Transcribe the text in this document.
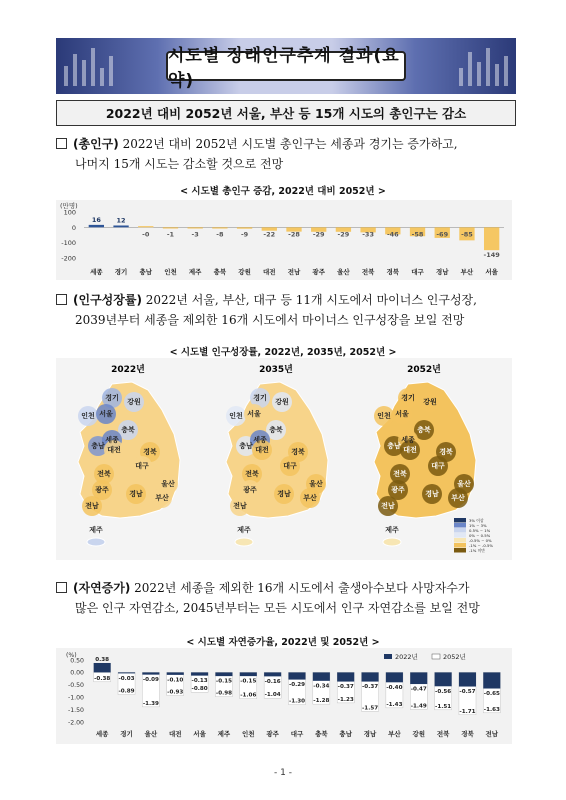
시도별 장래인구추계 결과(요약)
2022년 대비 2052년 서울, 부산 등 15개 시도의 총인구는 감소
(총인구) 2022년 대비 2052년 시도별 총인구는 세종과 경기는 증가하고,
나머지 15개 시도는 감소할 것으로 전망
< 시도별 총인구 증감, 2022년 대비 2052년 >
(만명)
100
0
-100
-200
16
세종
12
경기
-0
충남
-1
인천
-3
제주
-8
충북
-9
강원
-22
대전
-28
전남
-29
광주
-29
울산
-33
전북
-46
경북
-58
대구
-69
경남
-85
부산
-149
서울
(인구성장률) 2022년 서울, 부산, 대구 등 11개 시도에서 마이너스 인구성장,
2039년부터 세종을 제외한 16개 시도에서 마이너스 인구성장을 보일 전망
< 시도별 인구성장률, 2022년, 2035년, 2052년 >
2022년
경기 강원
인천 서울
충북
충남
세종
대전	경북
대구
전북
울산
광주	경남 부산
전남
제주
2035년
경기 강원
인천 서울
충북
충남
세종
대전	경북
대구
전북
울산
광주	경남 부산
전남
제주
2052년
경기 강원
인천 서울
충북
충남
세종
대전	경북
대구
전북
울산
광주	경남 부산
전남
제주
3% 이상
1% ~ 3%
0.5% ~ 1%
0% ~ 0.5%
-0.5% ~ 0%
-1% ~ -0.5%
-1% 미만
(자연증가) 2022년 세종을 제외한 16개 시도에서 출생아수보다 사망자수가
많은 인구 자연감소, 2045년부터는 모든 시도에서 인구 자연감소를 보일 전망
< 시도별 자연증가율, 2022년 및 2052년 >
(%)
0.50
0.00
-0.50
-1.00
-1.50
-2.00
2022년	2052년
0.38
-0.38
세종
-0.03
-0.89
경기
-0.09
-1.39
울산
-0.10
-0.93
대전
-0.13
-0.80
서울
-0.15
-0.98
제주
-0.15
-1.06
인천
-0.16
-1.04
광주
-0.29
-1.30
대구
-0.34
-1.28
충북
-0.37
-1.23
충남
-0.37
-1.57
경남
-0.40
-1.43
부산
-0.47
-1.49
강원
-0.56
-1.51
전북
-0.57
-1.71
경북
-0.65
-1.63
전남
- 1 -
